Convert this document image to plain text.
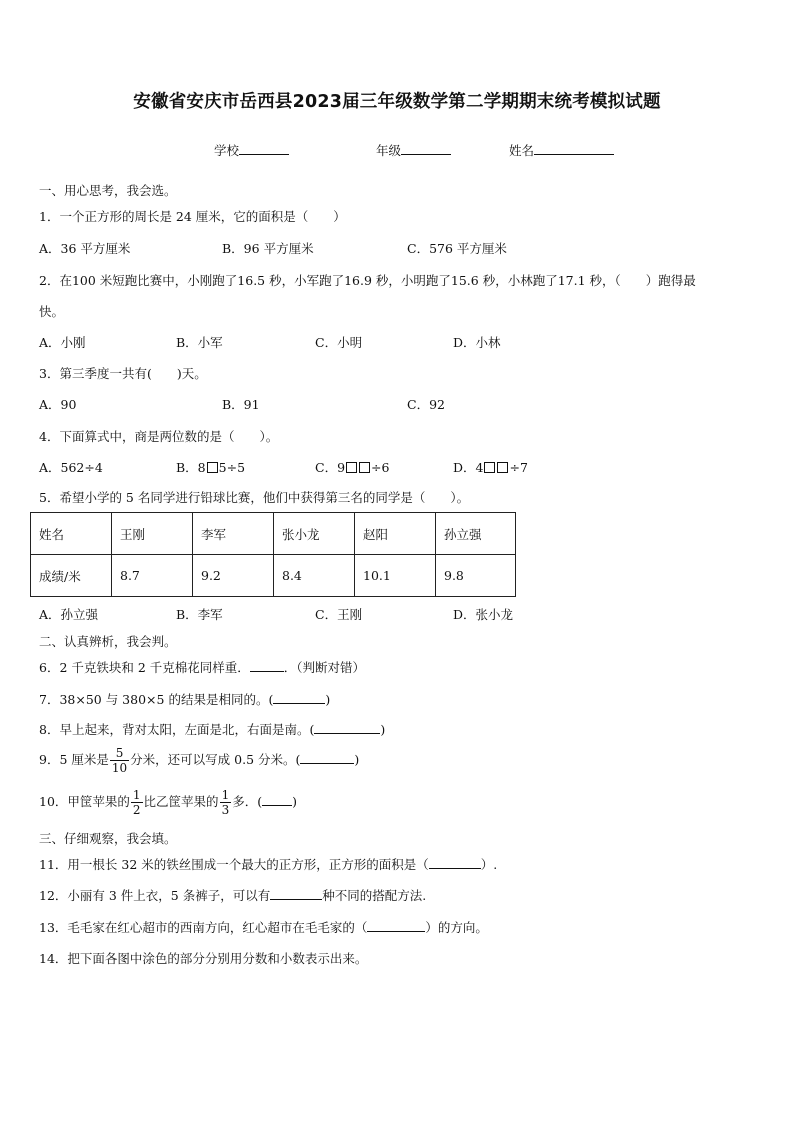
安徽省安庆市岳西县2023届三年级数学第二学期期末统考模拟试题
学校	年级	姓名
一、用心思考，我会选。
1．一个正方形的周长是 24 厘米，它的面积是（　　）
A．36 平方厘米	B．96 平方厘米	C．576 平方厘米
2．在100 米短跑比赛中，小刚跑了16.5 秒，小军跑了16.9 秒，小明跑了15.6 秒，小林跑了17.1 秒，（　　）跑得最
快。
A．小刚	B．小军	C．小明	D．小林
3．第三季度一共有(　　)天。
A．90	B．91	C．92
4．下面算式中，商是两位数的是（　　）。
A．562÷4	B．8 5÷5	C．9 ÷6	D．4 ÷7
5．希望小学的 5 名同学进行铅球比赛，他们中获得第三名的同学是（　　）。
姓名	王刚	李军	张小龙	赵阳	孙立强
成绩/米	8.7	9.2	8.4	10.1	9.8
A．孙立强	B．李军	C．王刚	D．张小龙
二、认真辨析，我会判。
6．2 千克铁块和 2 千克棉花同样重．	．（判断对错）
7．38×50 与 380×5 的结果是相同的。(	)
8．早上起来，背对太阳，左面是北，右面是南。(	)
9．5 厘米是 $\frac{5}{10}$ 分米，还可以写成 0.5 分米。(	)
10．甲筐苹果的 $\frac{1}{2}$ 比乙筐苹果的 $\frac{1}{3}$ 多．( )
三、仔细观察，我会填。
11．用一根长 32 米的铁丝围成一个最大的正方形，正方形的面积是（	）.
12．小丽有 3 件上衣，5 条裤子，可以有	种不同的搭配方法.
13．毛毛家在红心超市的西南方向，红心超市在毛毛家的（	）的方向。
14．把下面各图中涂色的部分分别用分数和小数表示出来。
